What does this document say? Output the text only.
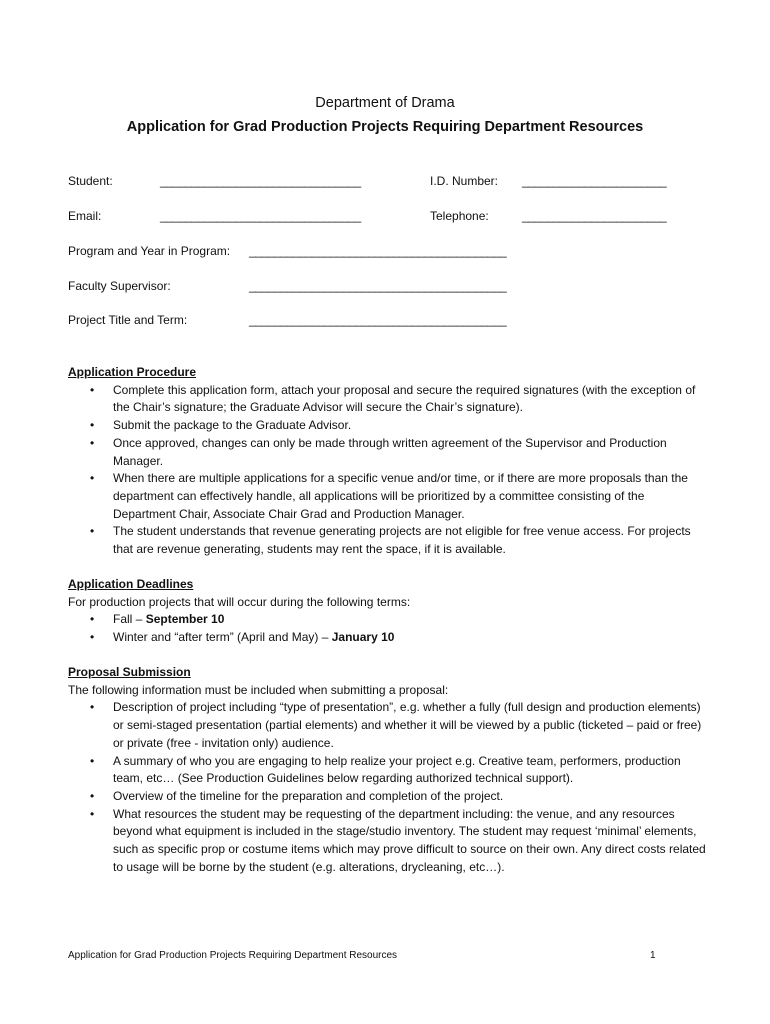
Department of Drama
Application for Grad Production Projects Requiring Department Resources
Student:	________________________________	I.D. Number: _______________________
Email:	________________________________	Telephone:	_______________________
Program and Year in Program: _________________________________________
Faculty Supervisor:	_________________________________________
Project Title and Term:	_________________________________________
Application Procedure
• Complete this application form, attach your proposal and secure the required signatures (with the exception of the Chair’s signature; the Graduate Advisor will secure the Chair’s signature).
• Submit the package to the Graduate Advisor.
• Once approved, changes can only be made through written agreement of the Supervisor and Production Manager.
• When there are multiple applications for a specific venue and/or time, or if there are more proposals than the department can effectively handle, all applications will be prioritized by a committee consisting of the Department Chair, Associate Chair Grad and Production Manager.
• The student understands that revenue generating projects are not eligible for free venue access. For projects that are revenue generating, students may rent the space, if it is available.
Application Deadlines
For production projects that will occur during the following terms:
• Fall – September 10
• Winter and “after term” (April and May) – January 10
Proposal Submission
The following information must be included when submitting a proposal:
• Description of project including “type of presentation”, e.g. whether a fully (full design and production elements) or semi-staged presentation (partial elements) and whether it will be viewed by a public (ticketed – paid or free) or private (free - invitation only) audience.
• A summary of who you are engaging to help realize your project e.g. Creative team, performers, production team, etc… (See Production Guidelines below regarding authorized technical support).
• Overview of the timeline for the preparation and completion of the project.
• What resources the student may be requesting of the department including: the venue, and any resources beyond what equipment is included in the stage/studio inventory. The student may request ‘minimal’ elements, such as specific prop or costume items which may prove difficult to source on their own. Any direct costs related to usage will be borne by the student (e.g. alterations, drycleaning, etc…).
Application for Grad Production Projects Requiring Department Resources	1
